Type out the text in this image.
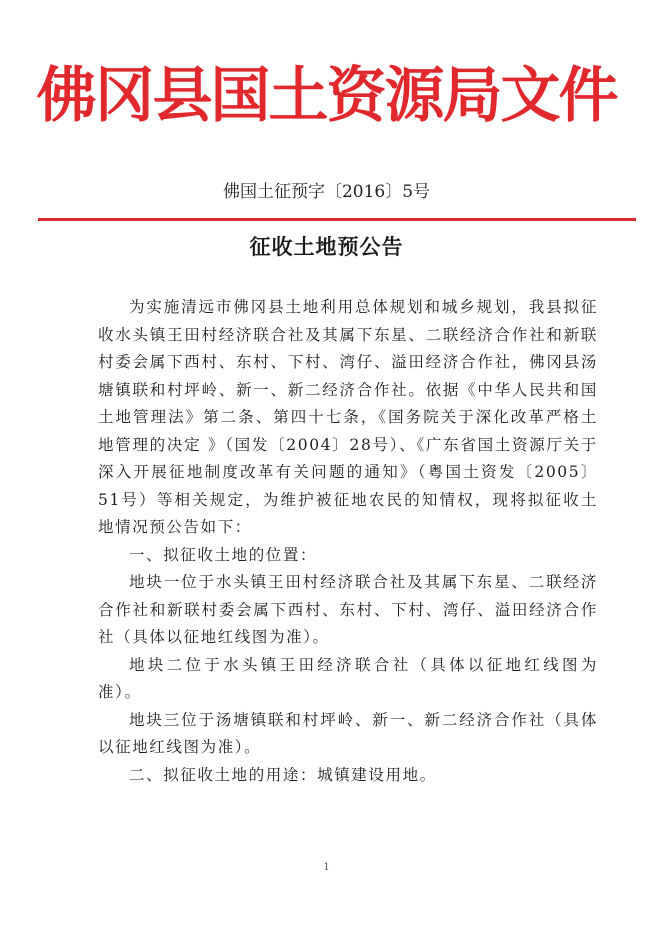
佛冈县国土资源局文件
佛国土征预字〔2016〕5号
征收土地预公告

为实施清远市佛冈县土地利用总体规划和城乡规划，我县拟征收水头镇王田村经济联合社及其属下东星、二联经济合作社和新联村委会属下西村、东村、下村、湾仔、溢田经济合作社，佛冈县汤塘镇联和村坪岭、新一、新二经济合作社。依据《中华人民共和国土地管理法》第二条、第四十七条，《国务院关于深化改革严格土地管理的决定 》（国发〔2004〕28号）、《广东省国土资源厅关于深入开展征地制度改革有关问题的通知》（粤国土资发〔2005〕51号）等相关规定，为维护被征地农民的知情权，现将拟征收土地情况预公告如下：

一、拟征收土地的位置：

地块一位于水头镇王田村经济联合社及其属下东星、二联经济合作社和新联村委会属下西村、东村、下村、湾仔、溢田经济合作社（具体以征地红线图为准）。

地块二位于水头镇王田经济联合社（具体以征地红线图为准）。

地块三位于汤塘镇联和村坪岭、新一、新二经济合作社（具体以征地红线图为准）。

二、拟征收土地的用途：城镇建设用地。

1
